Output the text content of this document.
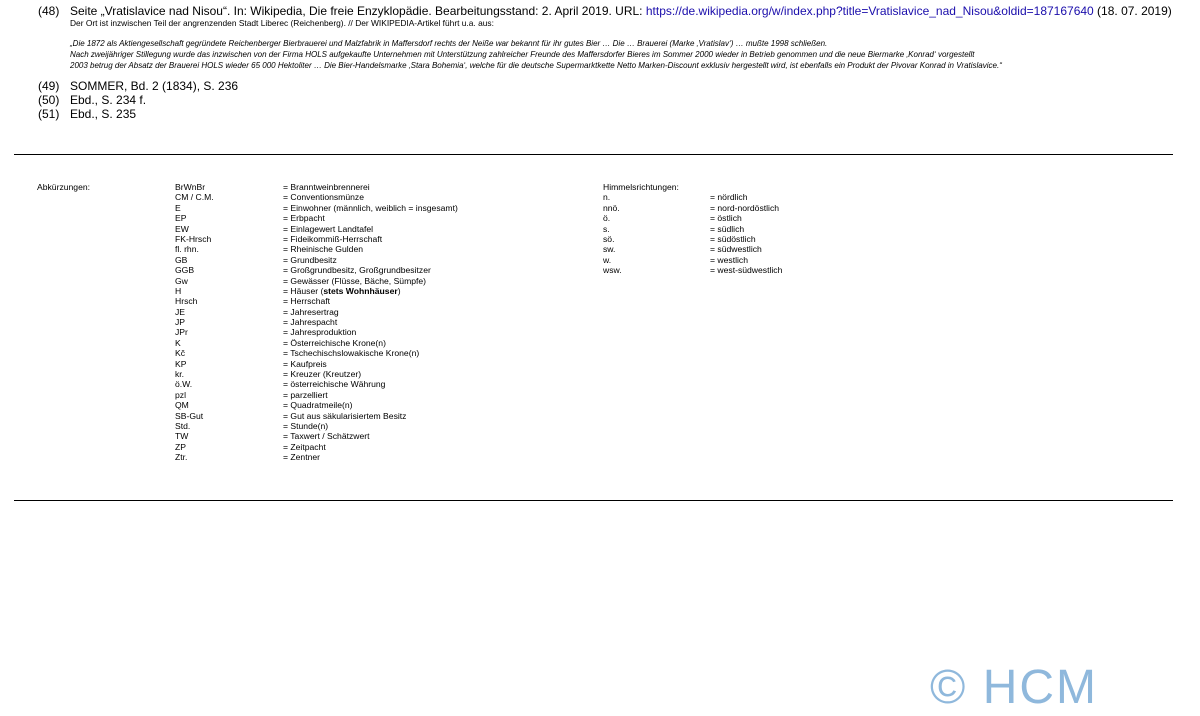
(48) Seite „Vratislavice nad Nisou“. In: Wikipedia, Die freie Enzyklopädie. Bearbeitungsstand: 2. April 2019. URL: https://de.wikipedia.org/w/index.php?title=Vratislavice_nad_Nisou&oldid=187167640 (18. 07. 2019)
Der Ort ist inzwischen Teil der angrenzenden Stadt Liberec (Reichenberg). // Der WIKIPEDIA-Artikel führt u.a. aus:
„Die 1872 als Aktiengesellschaft gegründete Reichenberger Bierbrauerei und Malzfabrik in Maffersdorf rechts der Neiße war bekannt für ihr gutes Bier … Die … Brauerei (Marke ‚Vratislav‘) … mußte 1998 schließen.
Nach zweijähriger Stillegung wurde das inzwischen von der Firma HOLS aufgekaufte Unternehmen mit Unterstützung zahlreicher Freunde des Maffersdorfer Bieres im Sommer 2000 wieder in Betrieb genommen und die neue Biermarke ‚Konrad‘ vorgestellt
2003 betrug der Absatz der Brauerei HOLS wieder 65 000 Hektoliter … Die Bier-Handelsmarke ‚Stara Bohemia‘, welche für die deutsche Supermarktkette Netto Marken-Discount exklusiv hergestellt wird, ist ebenfalls ein Produkt der Pivovar Konrad in Vratislavice.“
(49) SOMMER, Bd. 2 (1834), S. 236
(50) Ebd., S. 234 f.
(51) Ebd., S. 235
Abkürzungen:	BrWnBr	= Branntweinbrennerei
CM / C.M.	= Conventionsmünze
E	= Einwohner (männlich, weiblich = insgesamt)
EP	= Erbpacht
EW	= Einlagewert Landtafel
FK-Hrsch	= Fideikommiß-Herrschaft
fl. rhn.	= Rheinische Gulden
GB	= Grundbesitz
GGB	= Großgrundbesitz, Großgrundbesitzer
Gw	= Gewässer (Flüsse, Bäche, Sümpfe)
H	= Häuser (stets Wohnhäuser)
Hrsch	= Herrschaft
JE	= Jahresertrag
JP	= Jahrespacht
JPr	= Jahresproduktion
K	= Österreichische Krone(n)
Kč	= Tschechischslowakische Krone(n)
KP	= Kaufpreis
kr.	= Kreuzer (Kreutzer)
ö.W.	= österreichische Währung
pzl	= parzelliert
QM	= Quadratmeile(n)
SB-Gut	= Gut aus säkularisiertem Besitz
Std.	= Stunde(n)
TW	= Taxwert / Schätzwert
ZP	= Zeitpacht
Ztr.	= Zentner
Himmelsrichtungen:
n.	= nördlich
nnö.	= nord-nordöstlich
ö.	= östlich
s.	= südlich
sö.	= südöstlich
sw.	= südwestlich
w.	= westlich
wsw.	= west-südwestlich
© HCM
